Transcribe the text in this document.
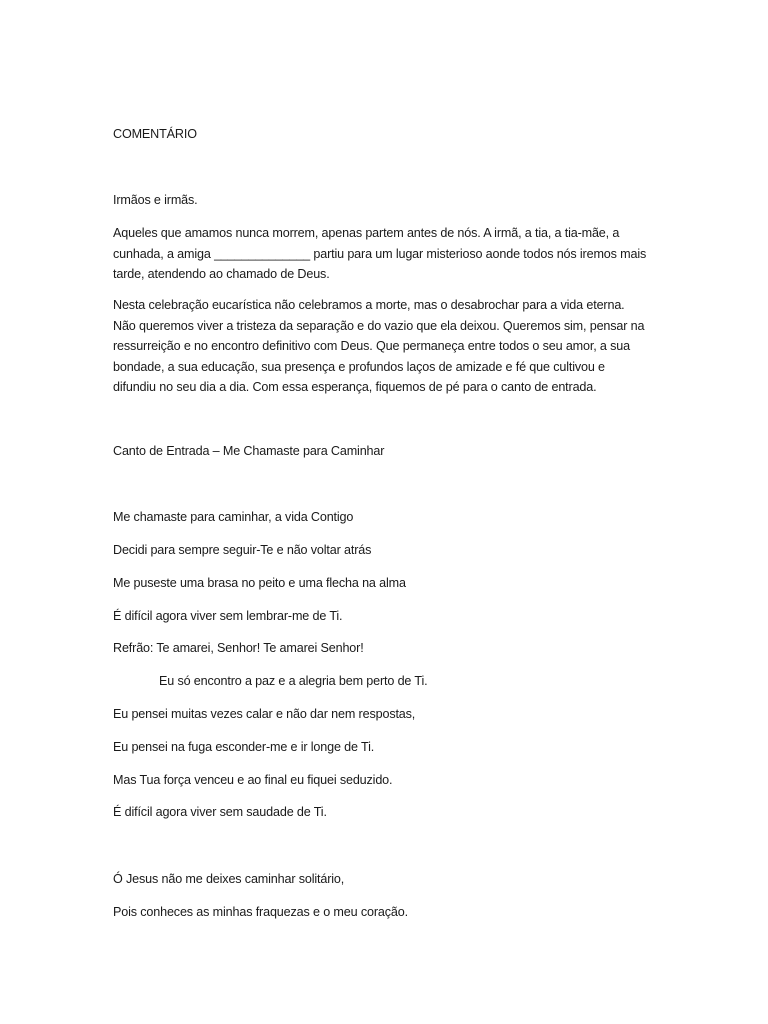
COMENTÁRIO
Irmãos e irmãs.
Aqueles que amamos nunca morrem, apenas partem antes de nós. A irmã, a tia, a tia-mãe, a
cunhada, a amiga ______________ partiu para um lugar misterioso aonde todos nós iremos mais
tarde, atendendo ao chamado de Deus.
Nesta celebração eucarística não celebramos a morte, mas o desabrochar para a vida eterna.
Não queremos viver a tristeza da separação e do vazio que ela deixou. Queremos sim, pensar na
ressurreição e no encontro definitivo com Deus. Que permaneça entre todos o seu amor, a sua
bondade, a sua educação, sua presença e profundos laços de amizade e fé que cultivou e
difundiu no seu dia a dia. Com essa esperança, fiquemos de pé para o canto de entrada.
Canto de Entrada – Me Chamaste para Caminhar
Me chamaste para caminhar, a vida Contigo
Decidi para sempre seguir-Te e não voltar atrás
Me puseste uma brasa no peito e uma flecha na alma
É difícil agora viver sem lembrar-me de Ti.
Refrão: Te amarei, Senhor! Te amarei Senhor!
Eu só encontro a paz e a alegria bem perto de Ti.
Eu pensei muitas vezes calar e não dar nem respostas,
Eu pensei na fuga esconder-me e ir longe de Ti.
Mas Tua força venceu e ao final eu fiquei seduzido.
É difícil agora viver sem saudade de Ti.
Ó Jesus não me deixes caminhar solitário,
Pois conheces as minhas fraquezas e o meu coração.
